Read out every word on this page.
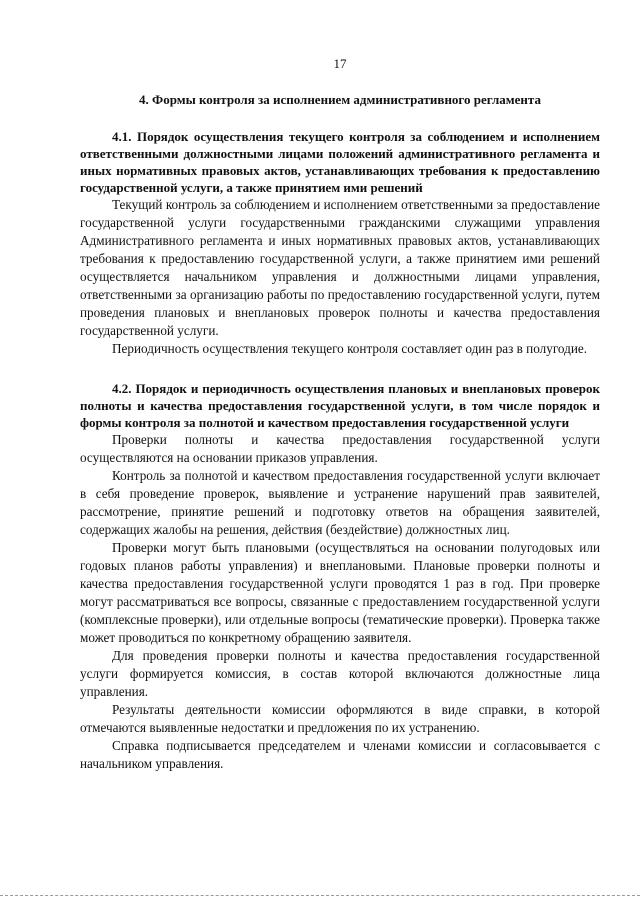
17
4. Формы контроля за исполнением административного регламента

4.1. Порядок осуществления текущего контроля за соблюдением и исполнением ответственными должностными лицами положений административного регламента и иных нормативных правовых актов, устанавливающих требования к предоставлению государственной услуги, а также принятием ими решений

Текущий контроль за соблюдением и исполнением ответственными за предоставление государственной услуги государственными гражданскими служащими управления Административного регламента и иных нормативных правовых актов, устанавливающих требования к предоставлению государственной услуги, а также принятием ими решений осуществляется начальником управления и должностными лицами управления, ответственными за организацию работы по предоставлению государственной услуги, путем проведения плановых и внеплановых проверок полноты и качества предоставления государственной услуги.

Периодичность осуществления текущего контроля составляет один раз в полугодие.

4.2. Порядок и периодичность осуществления плановых и внеплановых проверок полноты и качества предоставления государственной услуги, в том числе порядок и формы контроля за полнотой и качеством предоставления государственной услуги

Проверки полноты и качества предоставления государственной услуги осуществляются на основании приказов управления.

Контроль за полнотой и качеством предоставления государственной услуги включает в себя проведение проверок, выявление и устранение нарушений прав заявителей, рассмотрение, принятие решений и подготовку ответов на обращения заявителей, содержащих жалобы на решения, действия (бездействие) должностных лиц.

Проверки могут быть плановыми (осуществляться на основании полугодовых или годовых планов работы управления) и внеплановыми. Плановые проверки полноты и качества предоставления государственной услуги проводятся 1 раз в год. При проверке могут рассматриваться все вопросы, связанные с предоставлением государственной услуги (комплексные проверки), или отдельные вопросы (тематические проверки). Проверка также может проводиться по конкретному обращению заявителя.

Для проведения проверки полноты и качества предоставления государственной услуги формируется комиссия, в состав которой включаются должностные лица управления.

Результаты деятельности комиссии оформляются в виде справки, в которой отмечаются выявленные недостатки и предложения по их устранению.

Справка подписывается председателем и членами комиссии и согласовывается с начальником управления.
